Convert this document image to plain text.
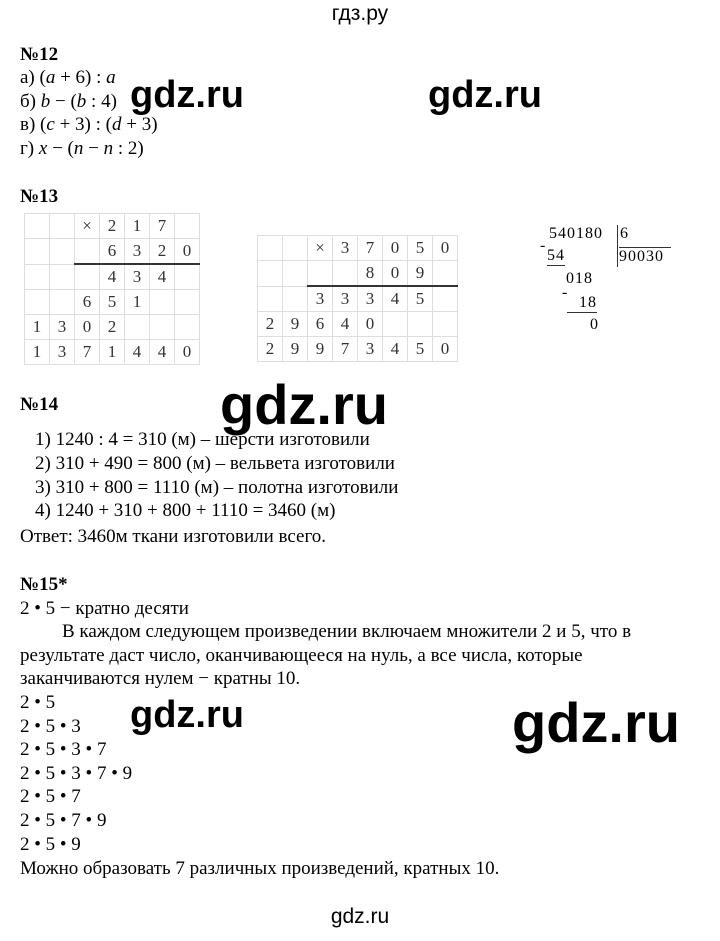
гдз.ру
№12
а) (a + 6) : a
б) b − (b : 4)
в) (c + 3) : (d + 3)
г) x − (n − n : 2)
№13
		×	2	1	7	
			6	3	2	0
			4	3	4	
		6	5	1		
1	3	0	2			
1	3	7	1	4	4	0
		×	3	7	0	5	0
				8	0	9	
		3	3	3	4	5	
2	9	6	4	0			
2	9	9	7	3	4	5	0
540180 6
90030
-
54
018
-
18
0
№14
1) 1240 : 4 = 310 (м) – шерсти изготовили
2) 310 + 490 = 800 (м) – вельвета изготовили
3) 310 + 800 = 1110 (м) – полотна изготовили
4) 1240 + 310 + 800 + 1110 = 3460 (м)
Ответ: 3460м ткани изготовили всего.
№15*
2 • 5 − кратно десяти
В каждом следующем произведении включаем множители 2 и 5, что в
результате даст число, оканчивающееся на нуль, а все числа, которые
заканчиваются нулем − кратны 10.
2 • 5
2 • 5 • 3
2 • 5 • 3 • 7
2 • 5 • 3 • 7 • 9
2 • 5 • 7
2 • 5 • 7 • 9
2 • 5 • 9
Можно образовать 7 различных произведений, кратных 10.
gdz.ru	gdz.ru
gdz.ru
gdz.ru	gdz.ru
gdz.ru
